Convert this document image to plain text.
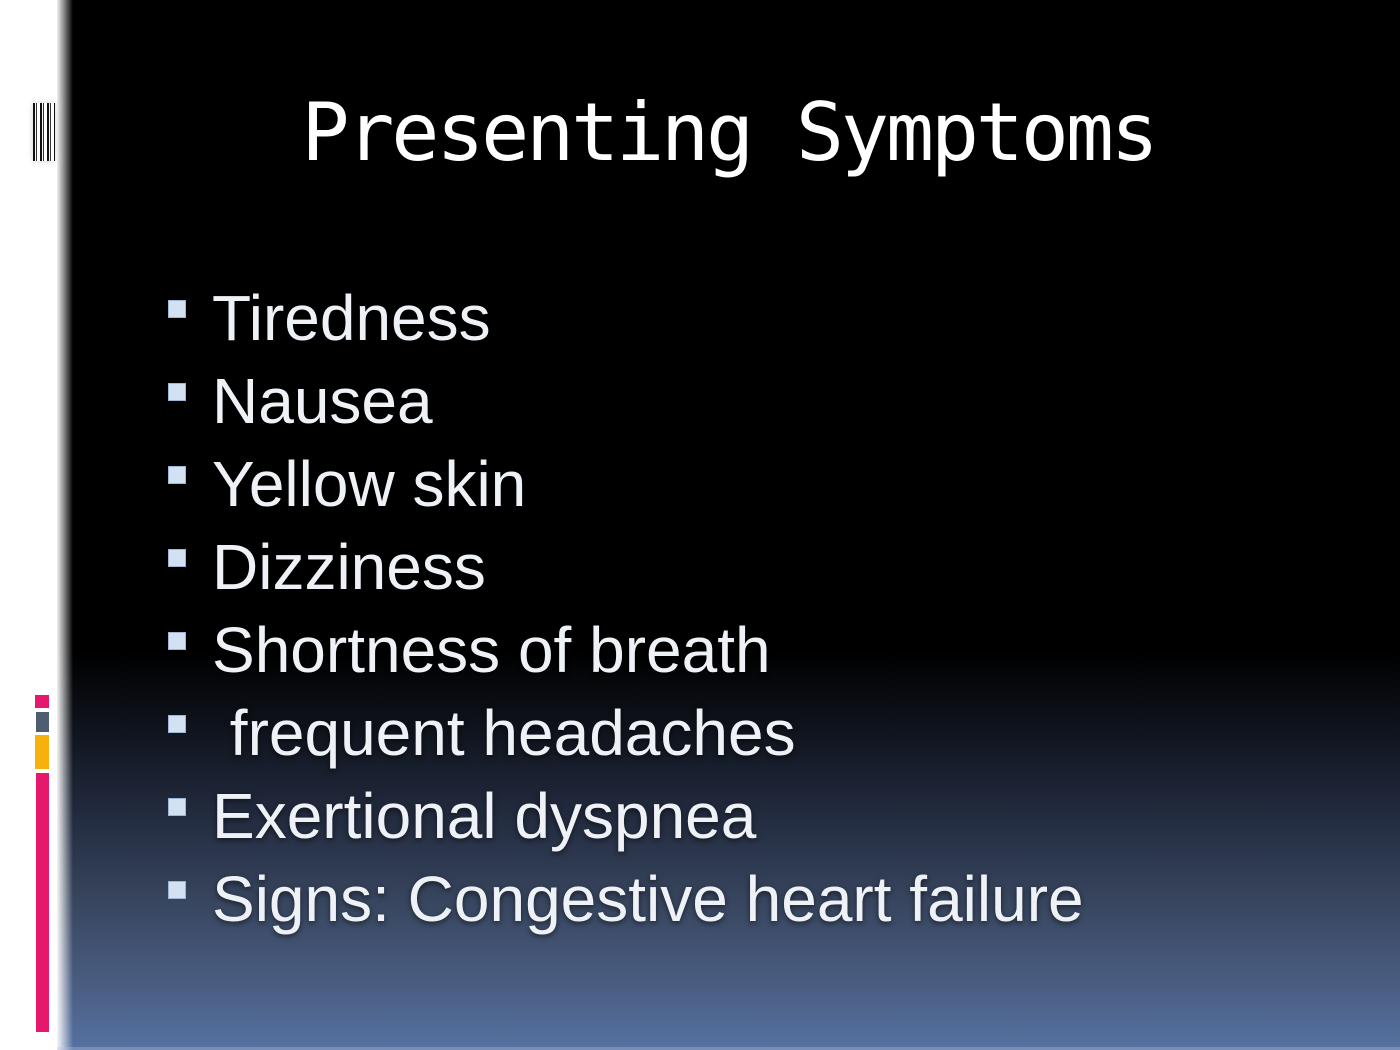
Presenting Symptoms
Tiredness
Nausea
Yellow skin
Dizziness
Shortness of breath
frequent headaches
Exertional dyspnea
Signs: Congestive heart failure
